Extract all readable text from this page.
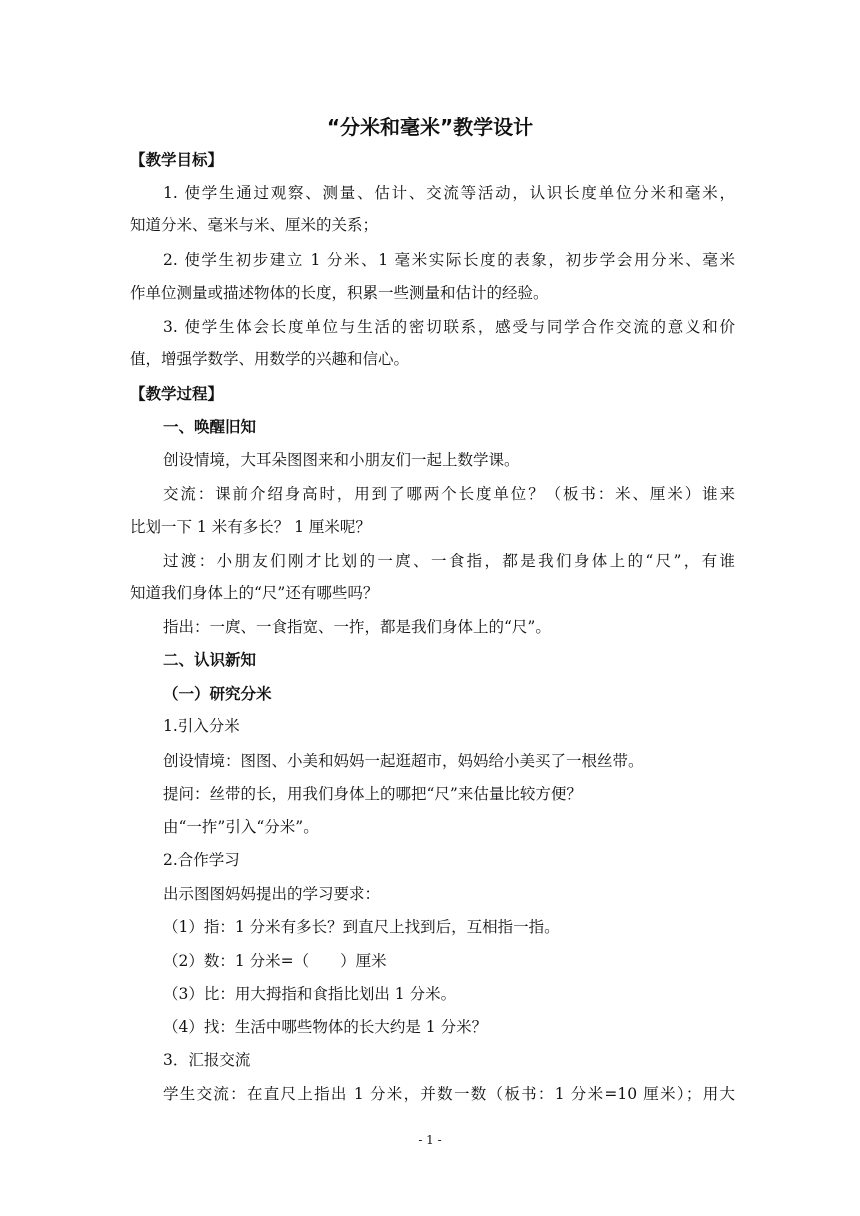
“分米和毫米”教学设计
【教学目标】
1. 使学生通过观察、测量、估计、交流等活动，认识长度单位分米和毫米，
知道分米、毫米与米、厘米的关系；
2. 使学生初步建立 1 分米、1 毫米实际长度的表象，初步学会用分米、毫米
作单位测量或描述物体的长度，积累一些测量和估计的经验。
3. 使学生体会长度单位与生活的密切联系，感受与同学合作交流的意义和价
值，增强学数学、用数学的兴趣和信心。
【教学过程】
一、唤醒旧知
创设情境，大耳朵图图来和小朋友们一起上数学课。
交流：课前介绍身高时，用到了哪两个长度单位？（板书：米、厘米）谁来
比划一下 1 米有多长？ 1 厘米呢？
过渡：小朋友们刚才比划的一庹、一食指，都是我们身体上的“尺”，有谁
知道我们身体上的“尺”还有哪些吗？
指出：一庹、一食指宽、一拃，都是我们身体上的“尺”。
二、认识新知
（一）研究分米
1.引入分米
创设情境：图图、小美和妈妈一起逛超市，妈妈给小美买了一根丝带。
提问：丝带的长，用我们身体上的哪把“尺”来估量比较方便？
由“一拃”引入“分米”。
2.合作学习
出示图图妈妈提出的学习要求：
（1）指：1 分米有多长？到直尺上找到后，互相指一指。
（2）数：1 分米=（　　）厘米
（3）比：用大拇指和食指比划出 1 分米。
（4）找：生活中哪些物体的长大约是 1 分米？
3．汇报交流
学生交流：在直尺上指出 1 分米，并数一数（板书：1 分米=10 厘米）；用大
- 1 -
